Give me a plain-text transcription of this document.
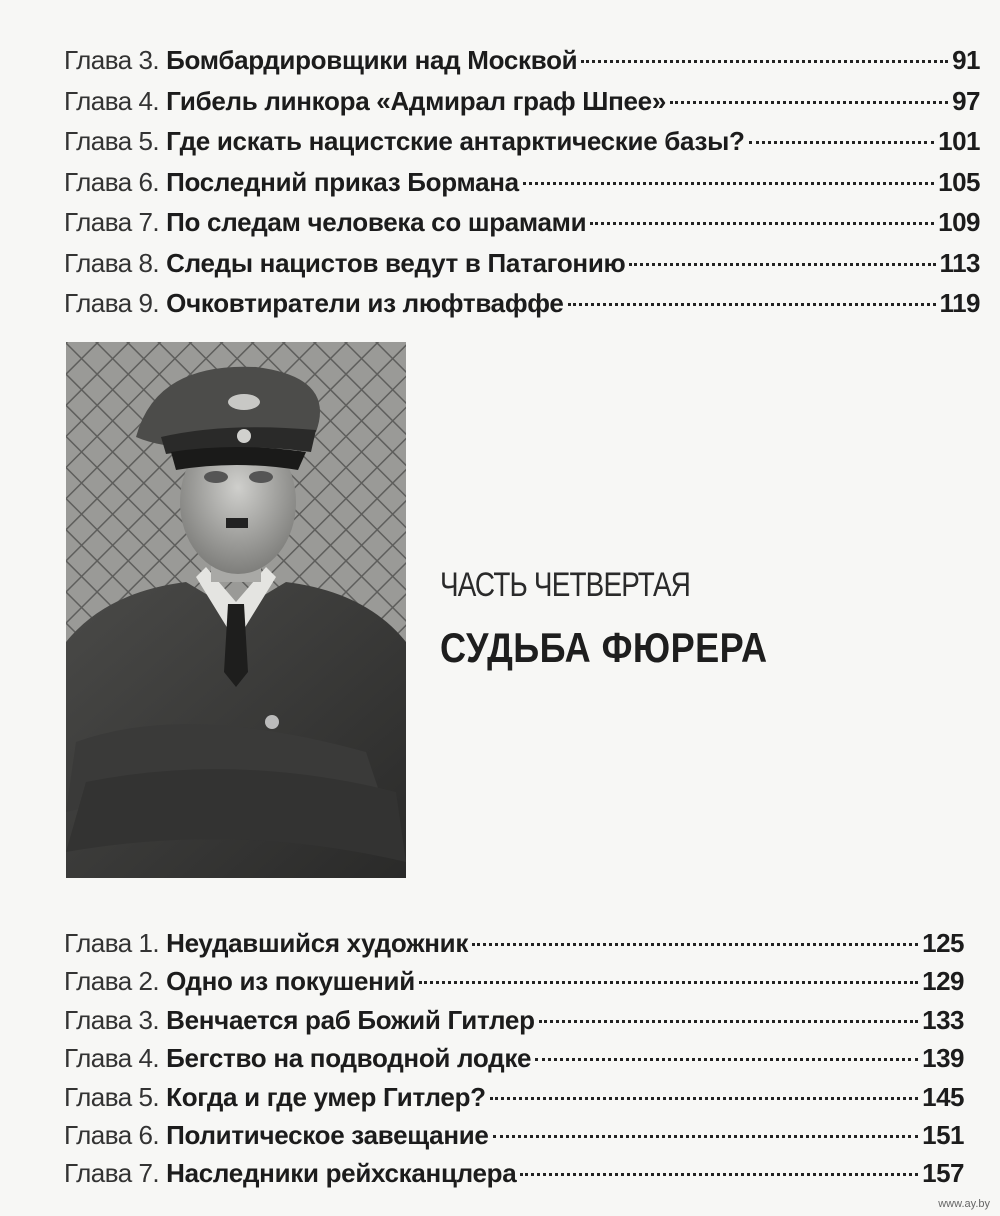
Глава 3. Бомбардировщики над Москвой	91
Глава 4. Гибель линкора «Адмирал граф Шпее»	97
Глава 5. Где искать нацистские антарктические базы?	101
Глава 6. Последний приказ Бормана	105
Глава 7. По следам человека со шрамами	109
Глава 8. Следы нацистов ведут в Патагонию	113
Глава 9. Очковтиратели из люфтваффе	119
ЧАСТЬ ЧЕТВЕРТАЯ
СУДЬБА ФЮРЕРА
Глава 1. Неудавшийся художник	125
Глава 2. Одно из покушений	129
Глава 3. Венчается раб Божий Гитлер	133
Глава 4. Бегство на подводной лодке	139
Глава 5. Когда и где умер Гитлер?	145
Глава 6. Политическое завещание	151
Глава 7. Наследники рейхсканцлера	157
www.ay.by
